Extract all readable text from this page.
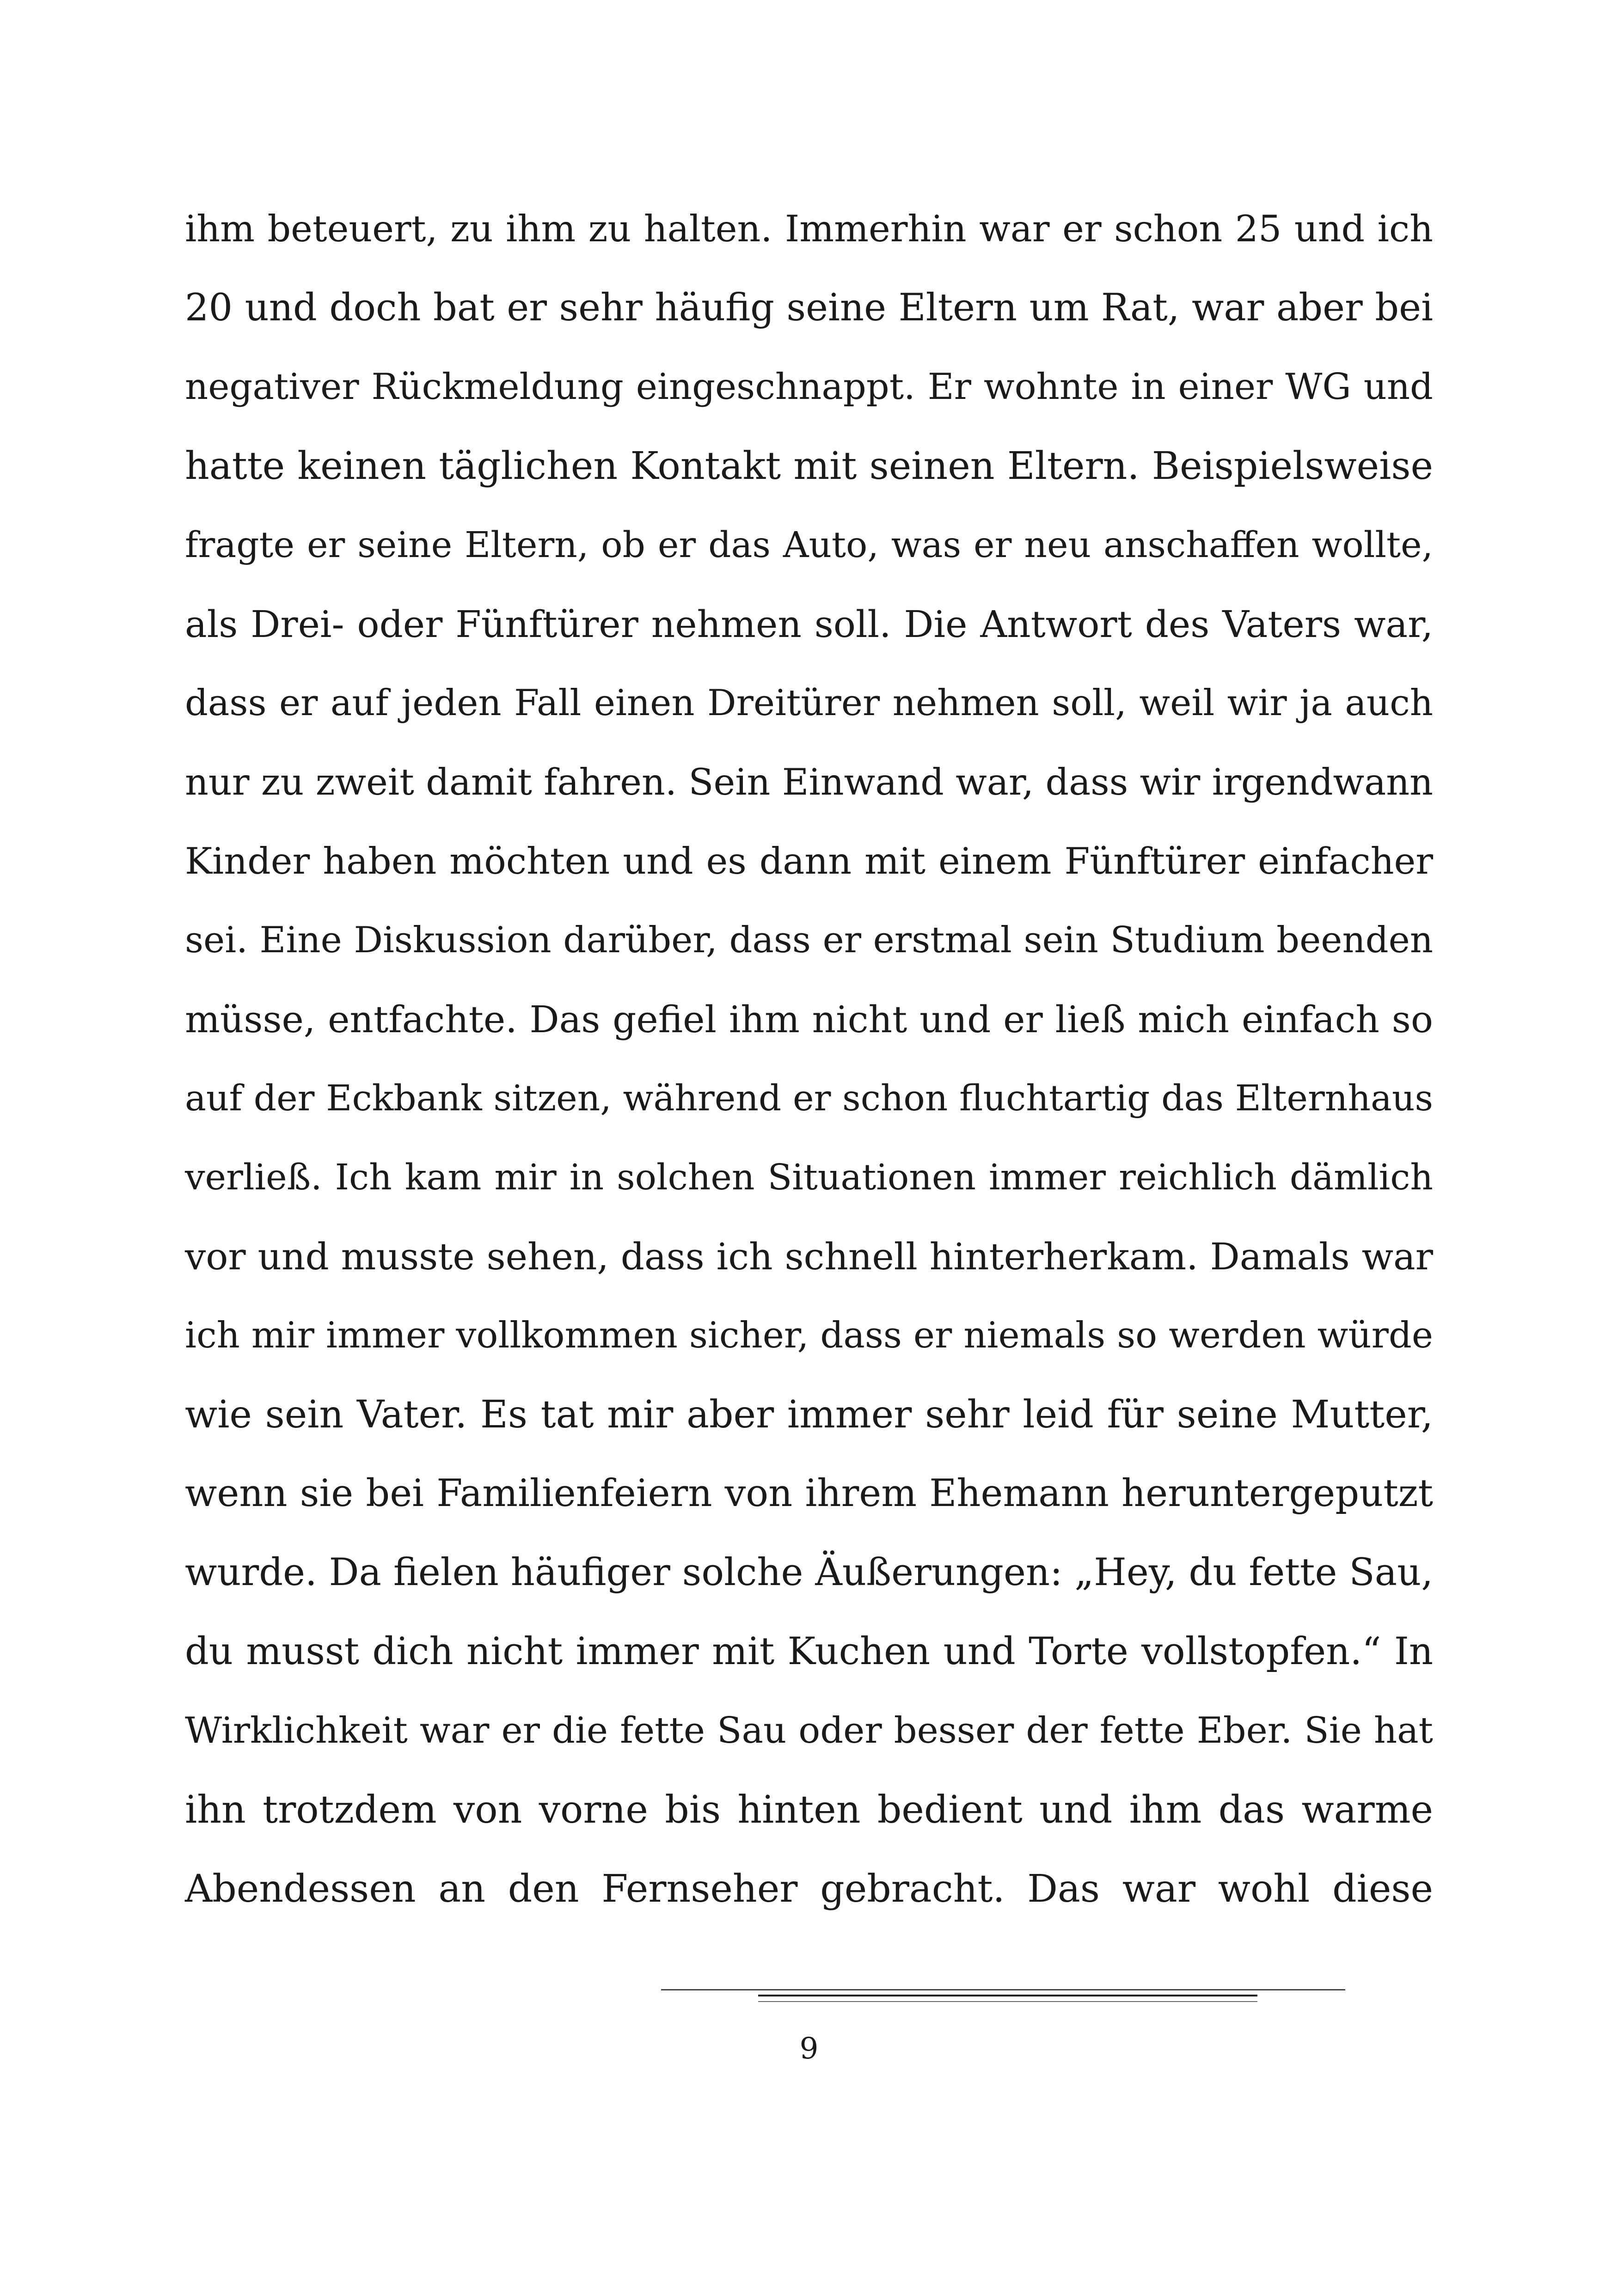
ihm beteuert, zu ihm zu halten. Immerhin war er schon 25 und ich
20 und doch bat er sehr häufig seine Eltern um Rat, war aber bei
negativer Rückmeldung eingeschnappt. Er wohnte in einer WG und
hatte keinen täglichen Kontakt mit seinen Eltern. Beispielsweise
fragte er seine Eltern, ob er das Auto, was er neu anschaffen wollte,
als Drei- oder Fünftürer nehmen soll. Die Antwort des Vaters war,
dass er auf jeden Fall einen Dreitürer nehmen soll, weil wir ja auch
nur zu zweit damit fahren. Sein Einwand war, dass wir irgendwann
Kinder haben möchten und es dann mit einem Fünftürer einfacher
sei. Eine Diskussion darüber, dass er erstmal sein Studium beenden
müsse, entfachte. Das gefiel ihm nicht und er ließ mich einfach so
auf der Eckbank sitzen, während er schon fluchtartig das Elternhaus
verließ. Ich kam mir in solchen Situationen immer reichlich dämlich
vor und musste sehen, dass ich schnell hinterherkam. Damals war
ich mir immer vollkommen sicher, dass er niemals so werden würde
wie sein Vater. Es tat mir aber immer sehr leid für seine Mutter,
wenn sie bei Familienfeiern von ihrem Ehemann heruntergeputzt
wurde. Da fielen häufiger solche Äußerungen: „Hey, du fette Sau,
du musst dich nicht immer mit Kuchen und Torte vollstopfen.“ In
Wirklichkeit war er die fette Sau oder besser der fette Eber. Sie hat
ihn trotzdem von vorne bis hinten bedient und ihm das warme
Abendessen an den Fernseher gebracht. Das war wohl diese
9
